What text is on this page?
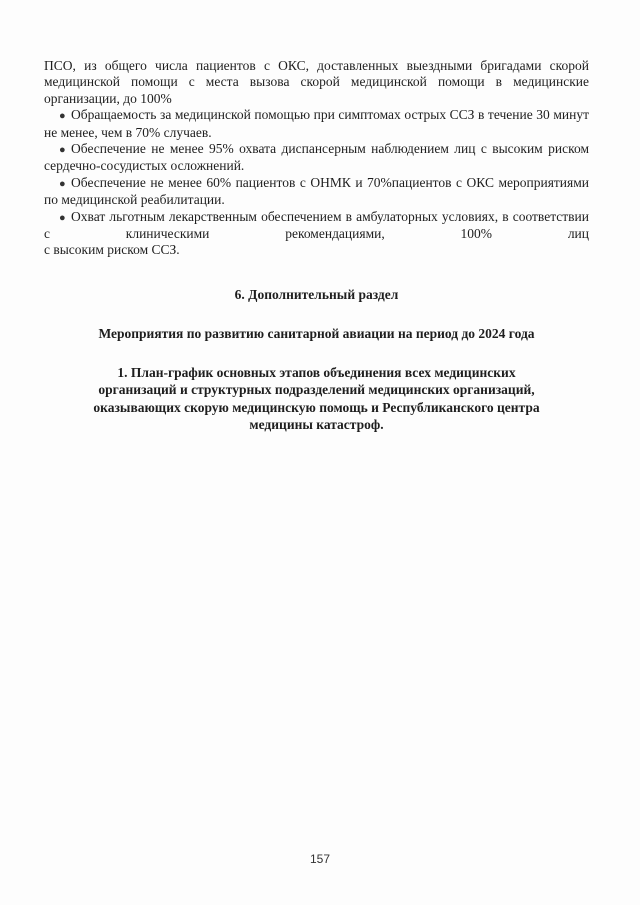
ПСО, из общего числа пациентов с ОКС, доставленных выездными бригадами скорой медицинской помощи с места вызова скорой медицинской помощи в медицинские организации, до 100%

● Обращаемость за медицинской помощью при симптомах острых ССЗ в течение 30 минут не менее, чем в 70% случаев.

● Обеспечение не менее 95% охвата диспансерным наблюдением лиц с высоким риском сердечно-сосудистых осложнений.

● Обеспечение не менее 60% пациентов с ОНМК и 70%пациентов с ОКС мероприятиями по медицинской реабилитации.

● Охват льготным лекарственным обеспечением в амбулаторных условиях, в соответствии с клиническими рекомендациями, 100%	лиц

с высоким риском ССЗ.

6. Дополнительный раздел
Мероприятия по развитию санитарной авиации на период до 2024 года
1. План-график основных этапов объединения всех медицинских
организаций и структурных подразделений медицинских организаций,
оказывающих скорую медицинскую помощь и Республиканского центра
медицины катастроф.
157
